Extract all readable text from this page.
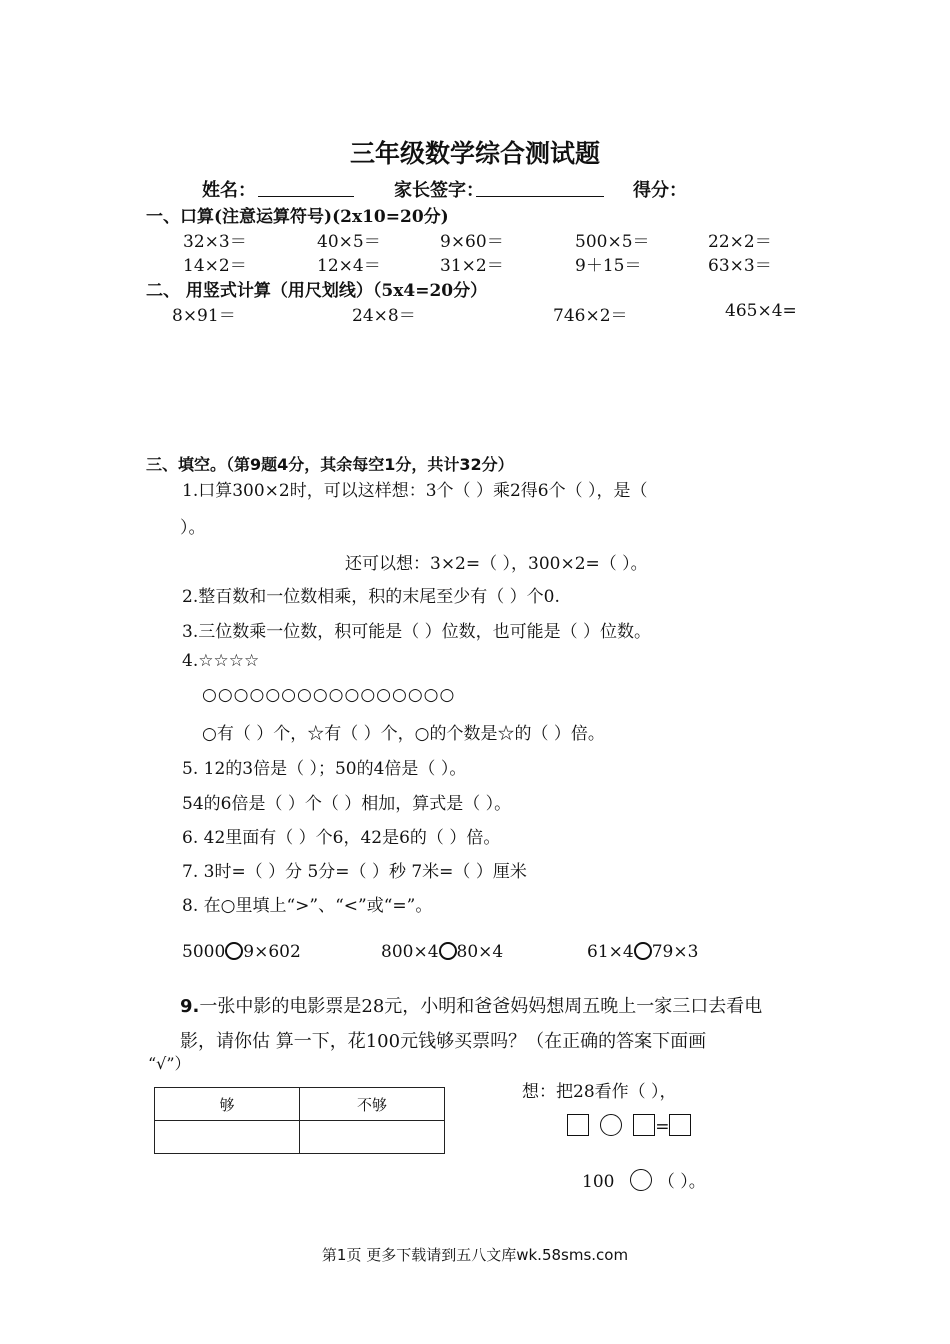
三年级数学综合测试题
姓名：	家长签字：	得分：
一、口算(注意运算符号)(2x10=20分)
32×3＝	40×5＝	9×60＝	500×5＝	22×2＝
14×2＝	12×4＝	31×2＝	9＋15＝	63×3＝
二、 用竖式计算（用尺划线）（5x4=20分）
8×91＝	24×8＝	746×2＝	465×4=
三、填空。（第9题4分，其余每空1分，共计32分）
1.口算300×2时，可以这样想：3个（ ）乘2得6个（ ），是（
）。
还可以想：3×2=（ ），300×2=（ ）。
2.整百数和一位数相乘，积的末尾至少有（ ）个0.
3.三位数乘一位数，积可能是（ ）位数，也可能是（ ）位数。
4.☆☆☆☆
○○○○○○○○○○○○○○○○
○有（ ）个，☆有（ ）个，○的个数是☆的（ ）倍。
5. 12的3倍是（ ）；50的4倍是（ ）。
54的6倍是（ ）个（ ）相加，算式是（ ）。
6. 42里面有（ ）个6，42是6的（ ）倍。
7. 3时=（ ）分 5分=（ ）秒 7米=（ ）厘米
8. 在○里填上“>”、“<”或“=”。
5000 9×602	800×4 80×4	61×4 79×3
9.一张中影的电影票是28元，小明和爸爸妈妈想周五晚上一家三口去看电
影，请你估 算一下，花100元钱够买票吗？（在正确的答案下面画
“√”）
够	不够

想：把28看作（ ），
=
100	（ ）。
第1页 更多下载请到五八文库wk.58sms.com
